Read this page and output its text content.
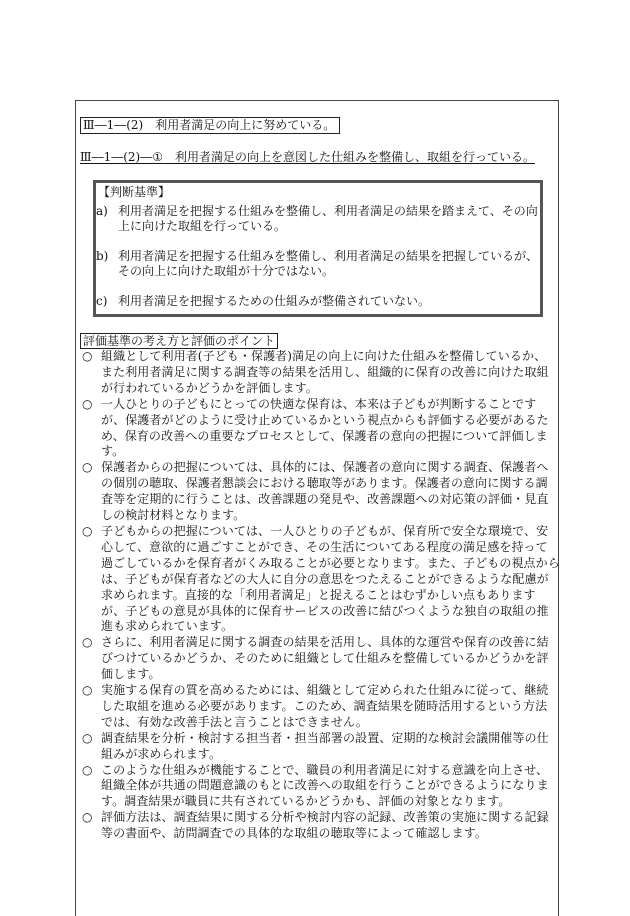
Ⅲ―1―(2)　利用者満足の向上に努めている。
Ⅲ―1―(2)―①　利用者満足の向上を意図した仕組みを整備し、取組を行っている。
【判断基準】
a) 利用者満足を把握する仕組みを整備し、利用者満足の結果を踏まえて、その向
上に向けた取組を行っている。
b) 利用者満足を把握する仕組みを整備し、利用者満足の結果を把握しているが、
その向上に向けた取組が十分ではない。
c) 利用者満足を把握するための仕組みが整備されていない。
評価基準の考え方と評価のポイント
○ 組織として利用者(子ども・保護者)満足の向上に向けた仕組みを整備しているか、
また利用者満足に関する調査等の結果を活用し、組織的に保育の改善に向けた取組
が行われているかどうかを評価します。
○ 一人ひとりの子どもにとっての快適な保育は、本来は子どもが判断することです
が、保護者がどのように受け止めているかという視点からも評価する必要があるた
め、保育の改善への重要なプロセスとして、保護者の意向の把握について評価しま
す。
○ 保護者からの把握については、具体的には、保護者の意向に関する調査、保護者へ
の個別の聴取、保護者懇談会における聴取等があります。保護者の意向に関する調
査等を定期的に行うことは、改善課題の発見や、改善課題への対応策の評価・見直
しの検討材料となります。
○ 子どもからの把握については、一人ひとりの子どもが、保育所で安全な環境で、安
心して、意欲的に過ごすことができ、その生活についてある程度の満足感を持って
過ごしているかを保育者がくみ取ることが必要となります。また、子どもの視点から
は、子どもが保育者などの大人に自分の意思をつたえることができるような配慮が
求められます。直接的な「利用者満足」と捉えることはむずかしい点もあります
が、子どもの意見が具体的に保育サービスの改善に結びつくような独自の取組の推
進も求められています。
○ さらに、利用者満足に関する調査の結果を活用し、具体的な運営や保育の改善に結
びつけているかどうか、そのために組織として仕組みを整備しているかどうかを評
価します。
○ 実施する保育の質を高めるためには、組織として定められた仕組みに従って、継続
した取組を進める必要があります。このため、調査結果を随時活用するという方法
では、有効な改善手法と言うことはできません。
○ 調査結果を分析・検討する担当者・担当部署の設置、定期的な検討会議開催等の仕
組みが求められます。
○ このような仕組みが機能することで、職員の利用者満足に対する意識を向上させ、
組織全体が共通の問題意識のもとに改善への取組を行うことができるようになりま
す。調査結果が職員に共有されているかどうかも、評価の対象となります。
○ 評価方法は、調査結果に関する分析や検討内容の記録、改善策の実施に関する記録
等の書面や、訪問調査での具体的な取組の聴取等によって確認します。
